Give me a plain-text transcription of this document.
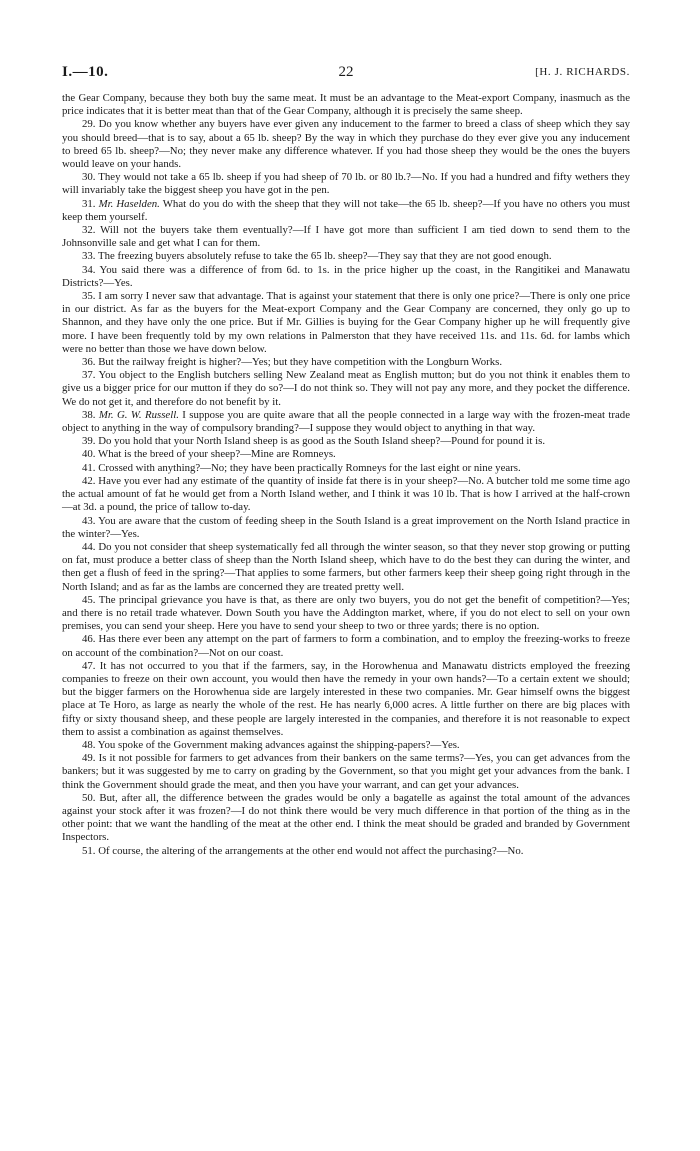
I.—10.	22	[H. J. RICHARDS.

the Gear Company, because they both buy the same meat. It must be an advantage to the Meat-export Company, inasmuch as the price indicates that it is better meat than that of the Gear Company, although it is precisely the same sheep.

29. Do you know whether any buyers have ever given any inducement to the farmer to breed a class of sheep which they say you should breed—that is to say, about a 65 lb. sheep? By the way in which they purchase do they ever give you any inducement to breed 65 lb. sheep?—No; they never make any difference whatever. If you had those sheep they would be the ones the buyers would leave on your hands.

30. They would not take a 65 lb. sheep if you had sheep of 70 lb. or 80 lb.?—No. If you had a hundred and fifty wethers they will invariably take the biggest sheep you have got in the pen.

31. Mr. Haselden. What do you do with the sheep that they will not take—the 65 lb. sheep?—If you have no others you must keep them yourself.

32. Will not the buyers take them eventually?—If I have got more than sufficient I am tied down to send them to the Johnsonville sale and get what I can for them.

33. The freezing buyers absolutely refuse to take the 65 lb. sheep?—They say that they are not good enough.

34. You said there was a difference of from 6d. to 1s. in the price higher up the coast, in the Rangitikei and Manawatu Districts?—Yes.

35. I am sorry I never saw that advantage. That is against your statement that there is only one price?—There is only one price in our district. As far as the buyers for the Meat-export Company and the Gear Company are concerned, they only go up to Shannon, and they have only the one price. But if Mr. Gillies is buying for the Gear Company higher up he will frequently give more. I have been frequently told by my own relations in Palmerston that they have received 11s. and 11s. 6d. for lambs which were no better than those we have down below.

36. But the railway freight is higher?—Yes; but they have competition with the Longburn Works.

37. You object to the English butchers selling New Zealand meat as English mutton; but do you not think it enables them to give us a bigger price for our mutton if they do so?—I do not think so. They will not pay any more, and they pocket the difference. We do not get it, and therefore do not benefit by it.

38. Mr. G. W. Russell. I suppose you are quite aware that all the people connected in a large way with the frozen-meat trade object to anything in the way of compulsory branding?—I suppose they would object to anything in that way.

39. Do you hold that your North Island sheep is as good as the South Island sheep?—Pound for pound it is.

40. What is the breed of your sheep?—Mine are Romneys.

41. Crossed with anything?—No; they have been practically Romneys for the last eight or nine years.

42. Have you ever had any estimate of the quantity of inside fat there is in your sheep?—No. A butcher told me some time ago the actual amount of fat he would get from a North Island wether, and I think it was 10 lb. That is how I arrived at the half-crown—at 3d. a pound, the price of tallow to-day.

43. You are aware that the custom of feeding sheep in the South Island is a great improvement on the North Island practice in the winter?—Yes.

44. Do you not consider that sheep systematically fed all through the winter season, so that they never stop growing or putting on fat, must produce a better class of sheep than the North Island sheep, which have to do the best they can during the winter, and then get a flush of feed in the spring?—That applies to some farmers, but other farmers keep their sheep going right through in the North Island; and as far as the lambs are concerned they are treated pretty well.

45. The principal grievance you have is that, as there are only two buyers, you do not get the benefit of competition?—Yes; and there is no retail trade whatever. Down South you have the Addington market, where, if you do not elect to sell on your own premises, you can send your sheep. Here you have to send your sheep to two or three yards; there is no option.

46. Has there ever been any attempt on the part of farmers to form a combination, and to employ the freezing-works to freeze on account of the combination?—Not on our coast.

47. It has not occurred to you that if the farmers, say, in the Horowhenua and Manawatu districts employed the freezing companies to freeze on their own account, you would then have the remedy in your own hands?—To a certain extent we should; but the bigger farmers on the Horowhenua side are largely interested in these two companies. Mr. Gear himself owns the biggest place at Te Horo, as large as nearly the whole of the rest. He has nearly 6,000 acres. A little further on there are big places with fifty or sixty thousand sheep, and these people are largely interested in the companies, and therefore it is not reasonable to expect them to assist a combination as against themselves.

48. You spoke of the Government making advances against the shipping-papers?—Yes.

49. Is it not possible for farmers to get advances from their bankers on the same terms?—Yes, you can get advances from the bankers; but it was suggested by me to carry on grading by the Government, so that you might get your advances from the bank. I think the Government should grade the meat, and then you have your warrant, and can get your advances.

50. But, after all, the difference between the grades would be only a bagatelle as against the total amount of the advances against your stock after it was frozen?—I do not think there would be very much difference in that portion of the thing as in the other point: that we want the handling of the meat at the other end. I think the meat should be graded and branded by Government Inspectors.

51. Of course, the altering of the arrangements at the other end would not affect the purchasing?—No.
